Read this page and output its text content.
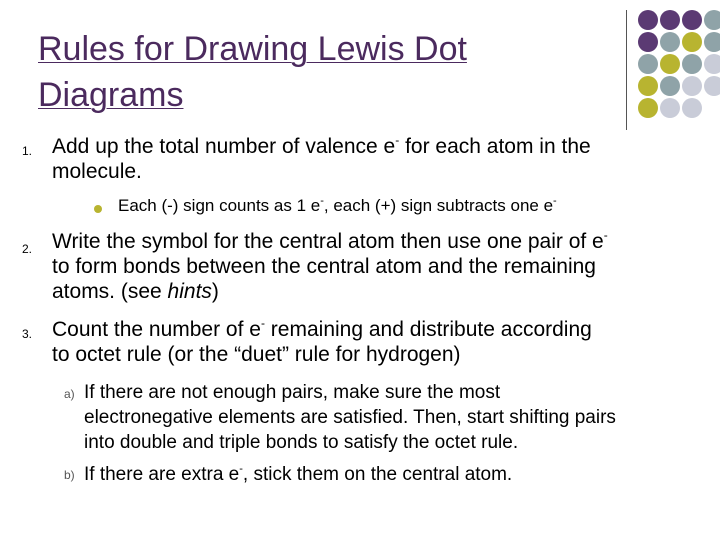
Rules for Drawing Lewis Dot Diagrams
1. Add up the total number of valence e- for each atom in the
molecule.
Each (-) sign counts as 1 e-, each (+) sign subtracts one e-
2. Write the symbol for the central atom then use one pair of e-
to form bonds between the central atom and the remaining
atoms. (see hints)
3. Count the number of e- remaining and distribute according
to octet rule (or the “duet” rule for hydrogen)
a) If there are not enough pairs, make sure the most
electronegative elements are satisfied. Then, start shifting pairs
into double and triple bonds to satisfy the octet rule.
b) If there are extra e-, stick them on the central atom.
